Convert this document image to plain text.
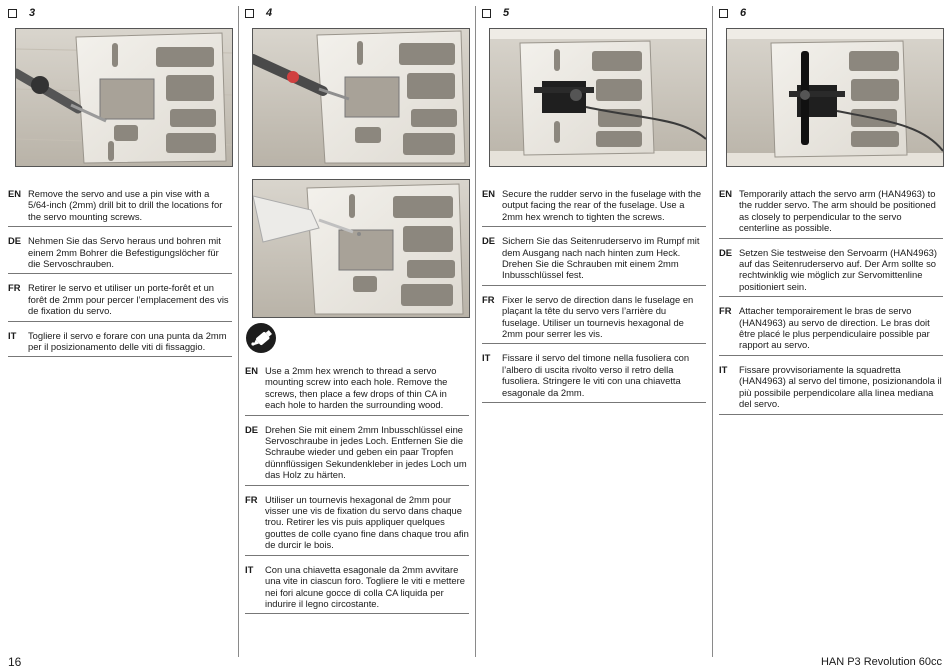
3
EN Remove the servo and use a pin vise with a 5/64-inch (2mm) drill bit to drill the locations for the servo mounting screws.
DE Nehmen Sie das Servo heraus und bohren mit einem 2mm Bohrer die Befestigungslöcher für die Servoschrauben.
FR Retirer le servo et utiliser un porte-forêt et un forêt de 2mm pour percer l’emplacement des vis de fixation du servo.
IT	Togliere il servo e forare con una punta da 2mm per il posizionamento delle viti di fissaggio.
4
EN Use a 2mm hex wrench to thread a servo mounting screw into each hole. Remove the screws, then place a few drops of thin CA in each hole to harden the surrounding wood.
DE Drehen Sie mit einem 2mm Inbusschlüssel eine Servoschraube in jedes Loch. Entfernen Sie die Schraube wieder und geben ein paar Tropfen dünnflüssigen Sekundenkleber in jedes Loch um das Holz zu härten.
FR Utiliser un tournevis hexagonal de 2mm pour visser une vis de fixation du servo dans chaque trou. Retirer les vis puis appliquer quelques gouttes de colle cyano fine dans chaque trou afin de durcir le bois.
IT	Con una chiavetta esagonale da 2mm avvitare una vite in ciascun foro. Togliere le viti e mettere nei fori alcune gocce di colla CA liquida per indurire il legno circostante.
5
EN Secure the rudder servo in the fuselage with the output facing the rear of the fuselage. Use a 2mm hex wrench to tighten the screws.
DE Sichern Sie das Seitenruderservo im Rumpf mit dem Ausgang nach nach hinten zum Heck. Drehen Sie die Schrauben mit einem 2mm Inbusschlüssel fest.
FR Fixer le servo de direction dans le fuselage en plaçant la tête du servo vers l’arrière du fuselage. Utiliser un tournevis hexagonal de 2mm pour serrer les vis.
IT	Fissare il servo del timone nella fusoliera con l’albero di uscita rivolto verso il retro della fusoliera. Stringere le viti con una chiavetta esagonale da 2mm.
6
EN Temporarily attach the servo arm (HAN4963) to the rudder servo. The arm should be positioned as closely to perpendicular to the servo centerline as possible.
DE Setzen Sie testweise den Servoarm (HAN4963) auf das Seitenruderservo auf. Der Arm sollte so rechtwinklig wie möglich zur Servomittenline positioniert sein.
FR Attacher temporairement le bras de servo (HAN4963) au servo de direction. Le bras doit être placé le plus perpendiculaire possible par rapport au servo.
IT	Fissare provvisoriamente la squadretta (HAN4963) al servo del timone, posizionandola il più possibile perpendicolare alla linea mediana del servo.
16	HAN P3 Revolution 60cc
